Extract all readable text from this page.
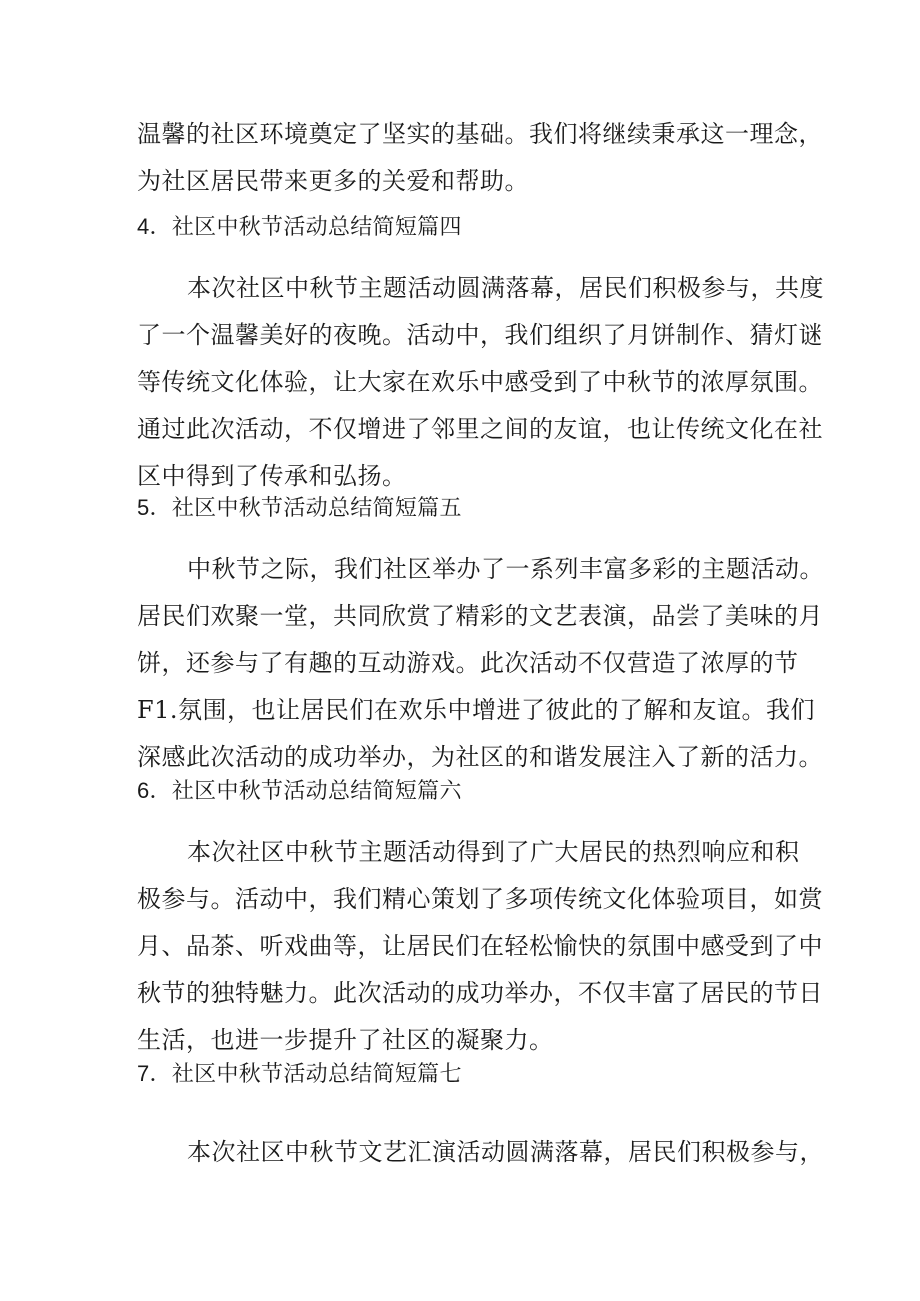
温馨的社区环境奠定了坚实的基础。我们将继续秉承这一理念，
为社区居民带来更多的关爱和帮助。
4．社区中秋节活动总结简短篇四
本次社区中秋节主题活动圆满落幕，居民们积极参与，共度
了一个温馨美好的夜晚。活动中，我们组织了月饼制作、猜灯谜
等传统文化体验，让大家在欢乐中感受到了中秋节的浓厚氛围。
通过此次活动，不仅增进了邻里之间的友谊，也让传统文化在社
区中得到了传承和弘扬。
5．社区中秋节活动总结简短篇五
中秋节之际，我们社区举办了一系列丰富多彩的主题活动。
居民们欢聚一堂，共同欣赏了精彩的文艺表演，品尝了美味的月
饼，还参与了有趣的互动游戏。此次活动不仅营造了浓厚的节
F1.氛围，也让居民们在欢乐中增进了彼此的了解和友谊。我们
深感此次活动的成功举办，为社区的和谐发展注入了新的活力。
6．社区中秋节活动总结简短篇六
本次社区中秋节主题活动得到了广大居民的热烈响应和积
极参与。活动中，我们精心策划了多项传统文化体验项目，如赏
月、品茶、听戏曲等，让居民们在轻松愉快的氛围中感受到了中
秋节的独特魅力。此次活动的成功举办，不仅丰富了居民的节日
生活，也进一步提升了社区的凝聚力。
7．社区中秋节活动总结简短篇七
本次社区中秋节文艺汇演活动圆满落幕，居民们积极参与，
